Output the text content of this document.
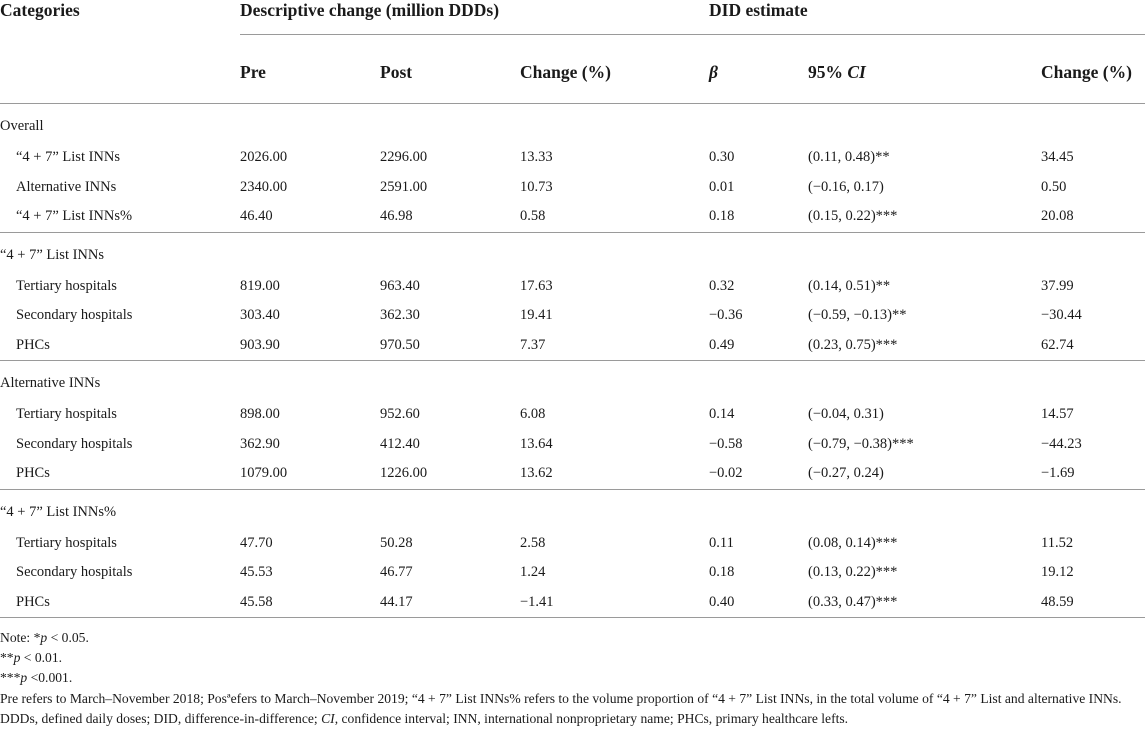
Categories	Descriptive change (million DDDs)			DID estimate		
	Pre	Post	Change (%)	β	95% CI	Change (%)
Overall						
“4 + 7” List INNs	2026.00	2296.00	13.33	0.30	(0.11, 0.48)**	34.45
Alternative INNs	2340.00	2591.00	10.73	0.01	(−0.16, 0.17)	0.50
“4 + 7” List INNs%	46.40	46.98	0.58	0.18	(0.15, 0.22)***	20.08
“4 + 7” List INNs						
Tertiary hospitals	819.00	963.40	17.63	0.32	(0.14, 0.51)**	37.99
Secondary hospitals	303.40	362.30	19.41	−0.36	(−0.59, −0.13)**	−30.44
PHCs	903.90	970.50	7.37	0.49	(0.23, 0.75)***	62.74
Alternative INNs						
Tertiary hospitals	898.00	952.60	6.08	0.14	(−0.04, 0.31)	14.57
Secondary hospitals	362.90	412.40	13.64	−0.58	(−0.79, −0.38)***	−44.23
PHCs	1079.00	1226.00	13.62	−0.02	(−0.27, 0.24)	−1.69
“4 + 7” List INNs%						
Tertiary hospitals	47.70	50.28	2.58	0.11	(0.08, 0.14)***	11.52
Secondary hospitals	45.53	46.77	1.24	0.18	(0.13, 0.22)***	19.12
PHCs	45.58	44.17	−1.41	0.40	(0.33, 0.47)***	48.59
Note: *p < 0.05.
**p < 0.01.
***p <0.001.
Pre refers to March–November 2018; Posªefers to March–November 2019; “4 + 7” List INNs% refers to the volume proportion of “4 + 7” List INNs, in the total volume of “4 + 7” List and alternative INNs.
DDDs, defined daily doses; DID, difference-in-difference; CI, confidence interval; INN, international nonproprietary name; PHCs, primary healthcare lefts.
